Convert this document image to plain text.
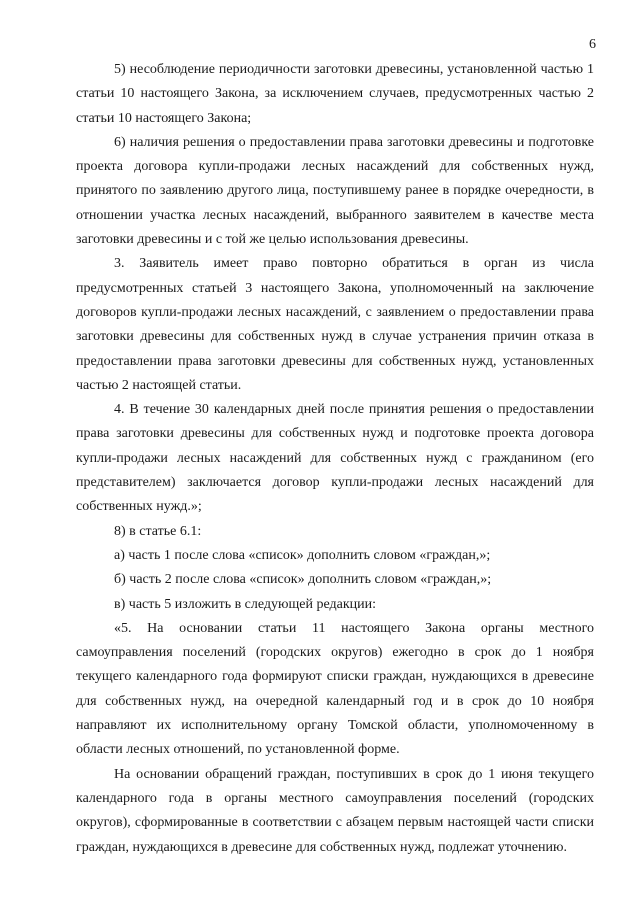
6

5) несоблюдение периодичности заготовки древесины, установленной частью 1 статьи 10 настоящего Закона, за исключением случаев, предусмотренных частью 2 статьи 10 настоящего Закона;

6) наличия решения о предоставлении права заготовки древесины и подготовке проекта договора купли-продажи лесных насаждений для собственных нужд, принятого по заявлению другого лица, поступившему ранее в порядке очередности, в отношении участка лесных насаждений, выбранного заявителем в качестве места заготовки древесины и с той же целью использования древесины.

3. Заявитель имеет право повторно обратиться в орган из числа предусмотренных статьей 3 настоящего Закона, уполномоченный на заключение договоров купли-продажи лесных насаждений, с заявлением о предоставлении права заготовки древесины для собственных нужд в случае устранения причин отказа в предоставлении права заготовки древесины для собственных нужд, установленных частью 2 настоящей статьи.

4. В течение 30 календарных дней после принятия решения о предоставлении права заготовки древесины для собственных нужд и подготовке проекта договора купли-продажи лесных насаждений для собственных нужд с гражданином (его представителем) заключается договор купли-продажи лесных насаждений для собственных нужд.»;

8) в статье 6.1:

а) часть 1 после слова «список» дополнить словом «граждан,»;

б) часть 2 после слова «список» дополнить словом «граждан,»;

в) часть 5 изложить в следующей редакции:

«5. На основании статьи 11 настоящего Закона органы местного самоуправления поселений (городских округов) ежегодно в срок до 1 ноября текущего календарного года формируют списки граждан, нуждающихся в древесине для собственных нужд, на очередной календарный год и в срок до 10 ноября направляют их исполнительному органу Томской области, уполномоченному в области лесных отношений, по установленной форме.

На основании обращений граждан, поступивших в срок до 1 июня текущего календарного года в органы местного самоуправления поселений (городских округов), сформированные в соответствии с абзацем первым настоящей части списки граждан, нуждающихся в древесине для собственных нужд, подлежат уточнению.
